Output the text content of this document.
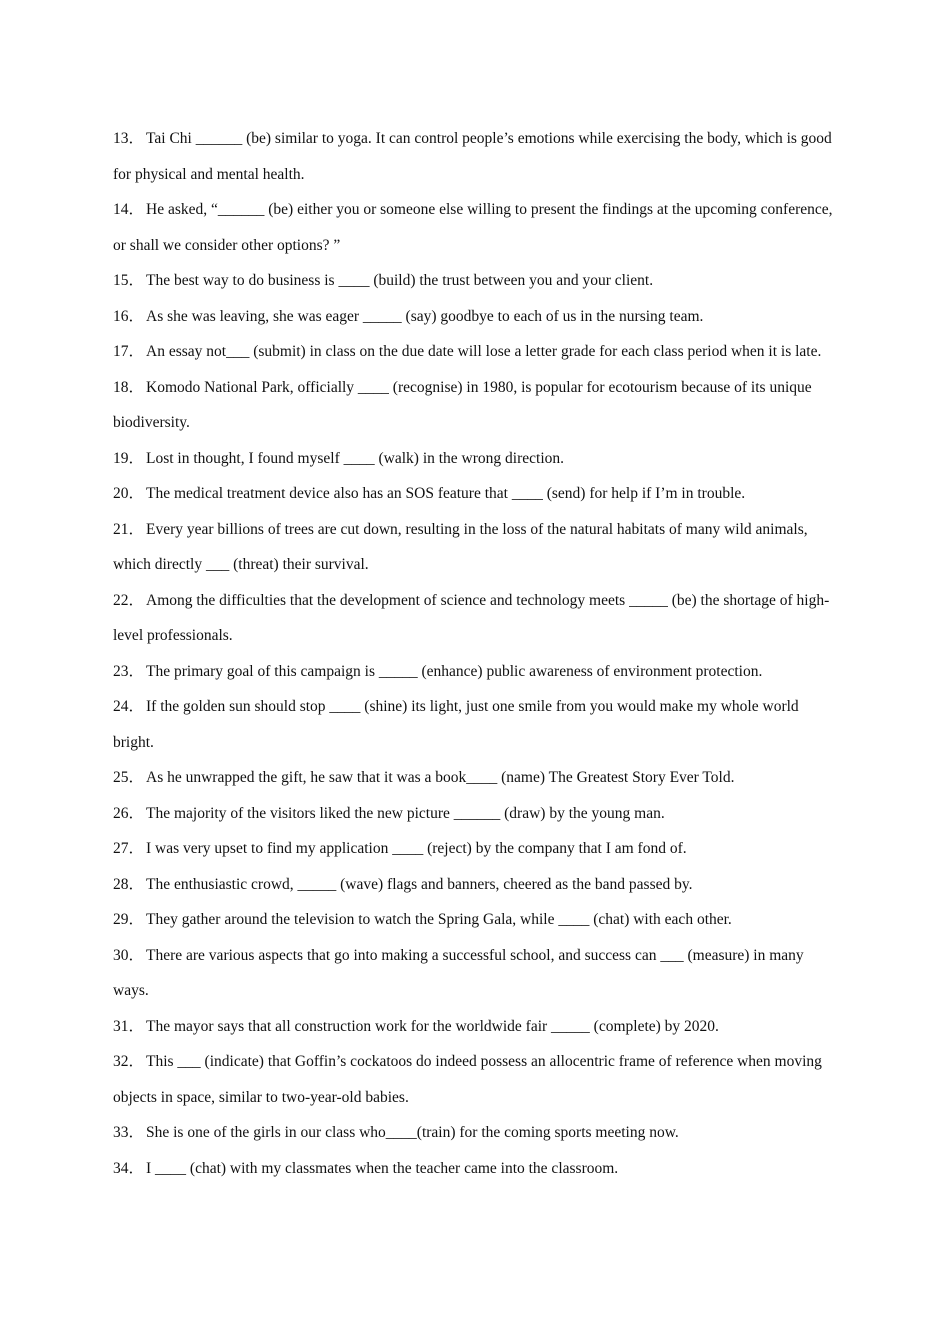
13． Tai Chi ______ (be) similar to yoga. It can control people’s emotions while exercising the body, which is good for physical and mental health.

14． He asked, “______ (be) either you or someone else willing to present the findings at the upcoming conference, or shall we consider other options? ”

15． The best way to do business is ____ (build) the trust between you and your client.

16． As she was leaving, she was eager _____ (say) goodbye to each of us in the nursing team.

17． An essay not___ (submit) in class on the due date will lose a letter grade for each class period when it is late.

18． Komodo National Park, officially ____ (recognise) in 1980, is popular for ecotourism because of its unique biodiversity.

19． Lost in thought, I found myself ____ (walk) in the wrong direction.

20． The medical treatment device also has an SOS feature that ____ (send) for help if I’m in trouble.

21． Every year billions of trees are cut down, resulting in the loss of the natural habitats of many wild animals, which directly ___ (threat) their survival.

22． Among the difficulties that the development of science and technology meets _____ (be) the shortage of high-level professionals.

23． The primary goal of this campaign is _____ (enhance) public awareness of environment protection.

24． If the golden sun should stop ____ (shine) its light, just one smile from you would make my whole world bright.

25． As he unwrapped the gift, he saw that it was a book____ (name) The Greatest Story Ever Told.

26． The majority of the visitors liked the new picture ______ (draw) by the young man.

27． I was very upset to find my application ____ (reject) by the company that I am fond of.

28． The enthusiastic crowd, _____ (wave) flags and banners, cheered as the band passed by.

29． They gather around the television to watch the Spring Gala, while ____ (chat) with each other.

30． There are various aspects that go into making a successful school, and success can ___ (measure) in many ways.

31． The mayor says that all construction work for the worldwide fair _____ (complete) by 2020.

32． This ___ (indicate) that Goffin’s cockatoos do indeed possess an allocentric frame of reference when moving objects in space, similar to two-year-old babies.

33． She is one of the girls in our class who____(train) for the coming sports meeting now.

34． I ____ (chat) with my classmates when the teacher came into the classroom.
